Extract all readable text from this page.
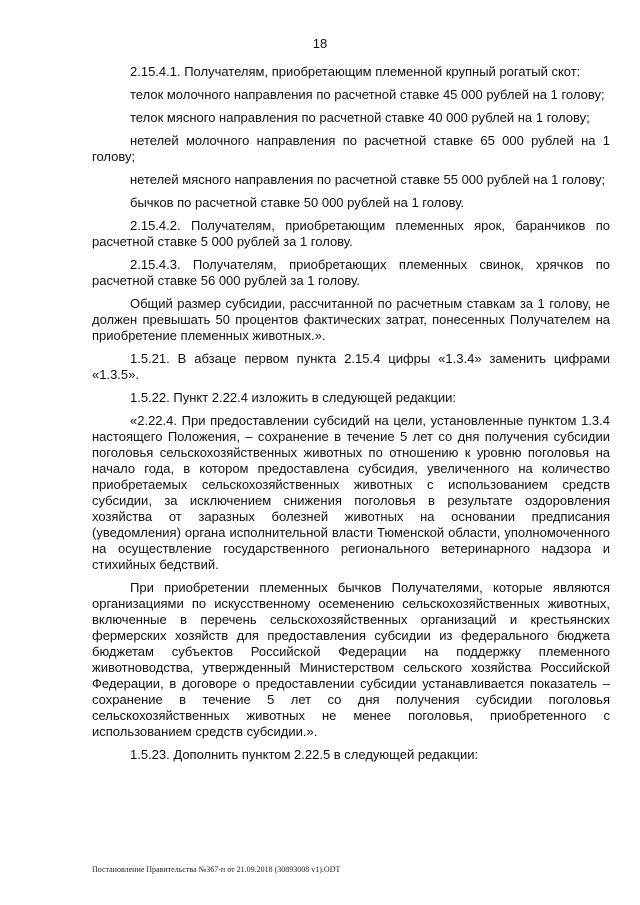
18

2.15.4.1. Получателям, приобретающим племенной крупный рогатый скот:

телок молочного направления по расчетной ставке 45 000 рублей на 1 голову;

телок мясного направления по расчетной ставке 40 000 рублей на 1 голову;

нетелей молочного направления по расчетной ставке 65 000 рублей на 1 голову;

нетелей мясного направления по расчетной ставке 55 000 рублей на 1 голову;

бычков по расчетной ставке 50 000 рублей на 1 голову.

2.15.4.2. Получателям, приобретающим племенных ярок, баранчиков по расчетной ставке 5 000 рублей за 1 голову.

2.15.4.3. Получателям, приобретающих племенных свинок, хрячков по расчетной ставке 56 000 рублей за 1 голову.

Общий размер субсидии, рассчитанной по расчетным ставкам за 1 голову, не должен превышать 50 процентов фактических затрат, понесенных Получателем на приобретение племенных животных.».

1.5.21. В абзаце первом пункта 2.15.4 цифры «1.3.4» заменить цифрами «1.3.5».

1.5.22. Пункт 2.22.4 изложить в следующей редакции:

«2.22.4. При предоставлении субсидий на цели, установленные пунктом 1.3.4 настоящего Положения, – сохранение в течение 5 лет со дня получения субсидии поголовья сельскохозяйственных животных по отношению к уровню поголовья на начало года, в котором предоставлена субсидия, увеличенного на количество приобретаемых сельскохозяйственных животных с использованием средств субсидии, за исключением снижения поголовья в результате оздоровления хозяйства от заразных болезней животных на основании предписания (уведомления) органа исполнительной власти Тюменской области, уполномоченного на осуществление государственного регионального ветеринарного надзора и стихийных бедствий.

При приобретении племенных бычков Получателями, которые являются организациями по искусственному осеменению сельскохозяйственных животных, включенные в перечень сельскохозяйственных организаций и крестьянских фермерских хозяйств для предоставления субсидии из федерального бюджета бюджетам субъектов Российской Федерации на поддержку племенного животноводства, утвержденный Министерством сельского хозяйства Российской Федерации, в договоре о предоставлении субсидии устанавливается показатель – сохранение в течение 5 лет со дня получения субсидии поголовья сельскохозяйственных животных не менее поголовья, приобретенного с использованием средств субсидии.».

1.5.23. Дополнить пунктом 2.22.5 в следующей редакции:

Постановление Правительства №367-п от 21.09.2018 (30893008 v1).ODT
